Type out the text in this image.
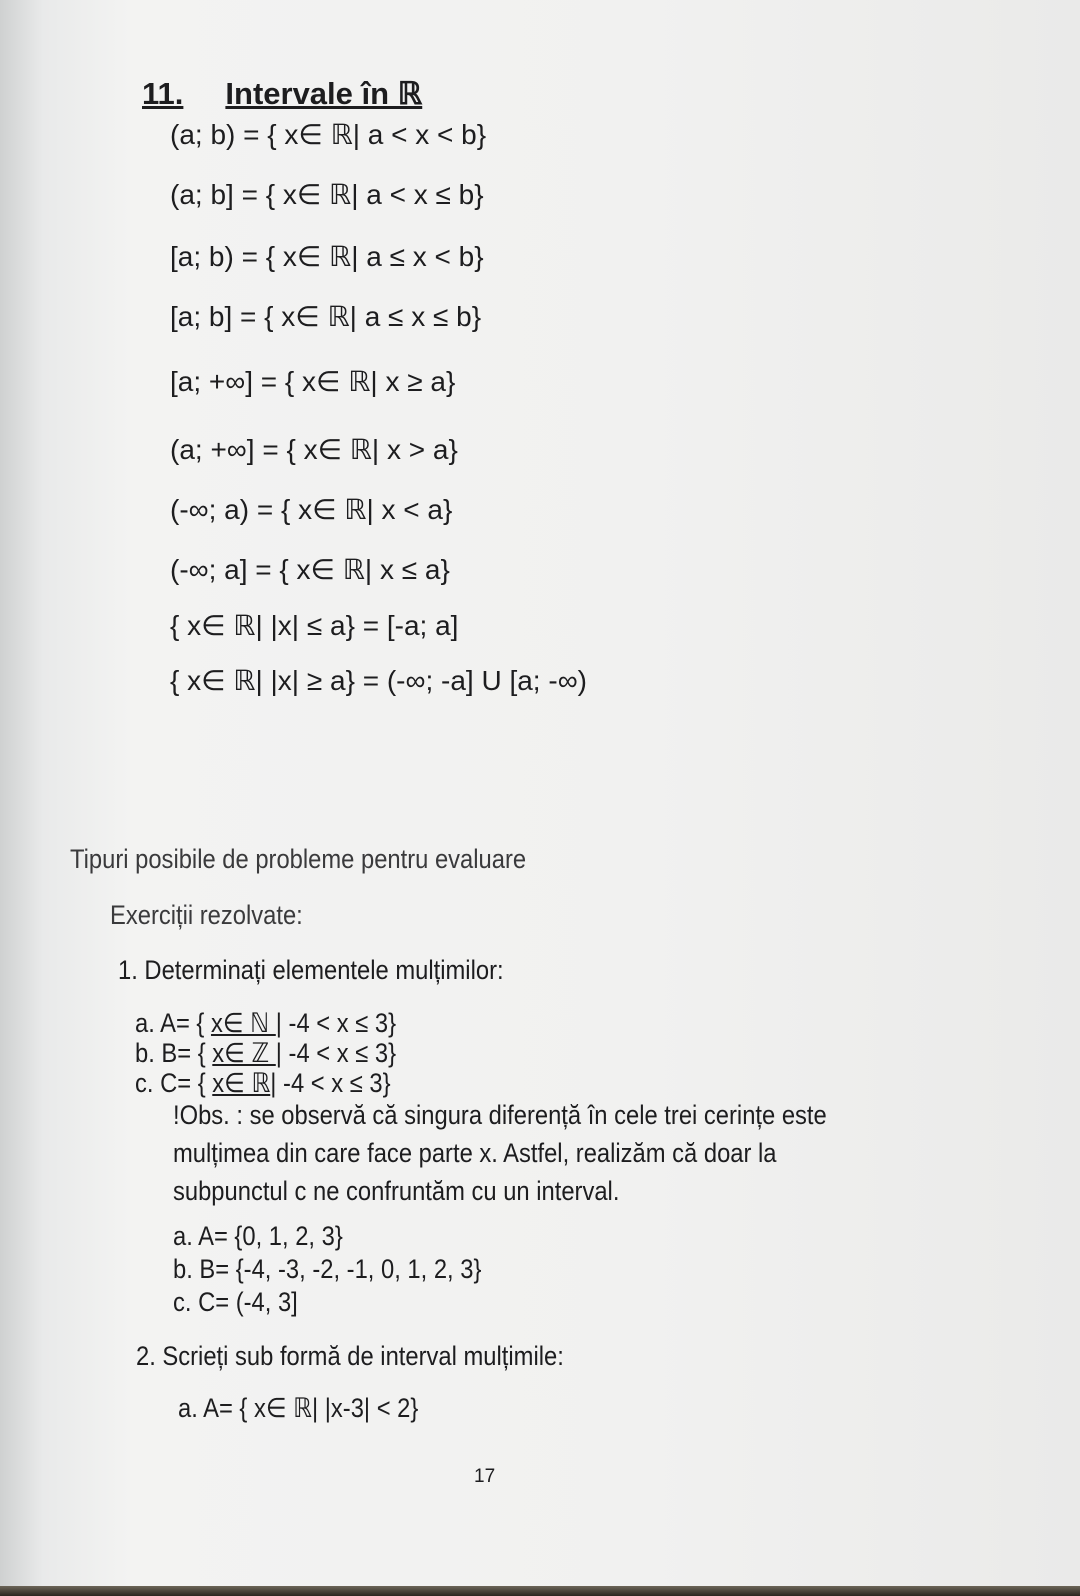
11. Intervale în ℝ
(a; b) = { x∈ ℝ| a < x < b}
(a; b] = { x∈ ℝ| a < x ≤ b}
[a; b) = { x∈ ℝ| a ≤ x < b}
[a; b] = { x∈ ℝ| a ≤ x ≤ b}
[a; +∞] = { x∈ ℝ| x ≥ a}
(a; +∞] = { x∈ ℝ| x > a}
(-∞; a) = { x∈ ℝ| x < a}
(-∞; a] = { x∈ ℝ| x ≤ a}
{ x∈ ℝ| |x| ≤ a} = [-a; a]
{ x∈ ℝ| |x| ≥ a} = (-∞; -a] U [a; -∞)
Tipuri posibile de probleme pentru evaluare
Exerciții rezolvate:
1. Determinați elementele mulțimilor:
a. A= { x∈ ℕ | -4 < x ≤ 3}
b. B= { x∈ ℤ | -4 < x ≤ 3}
c. C= { x∈ ℝ| -4 < x ≤ 3}
!Obs. : se observă că singura diferență în cele trei cerințe este
mulțimea din care face parte x. Astfel, realizăm că doar la
subpunctul c ne confruntăm cu un interval.
a. A= {0, 1, 2, 3}
b. B= {-4, -3, -2, -1, 0, 1, 2, 3}
c. C= (-4, 3]
2. Scrieți sub formă de interval mulțimile:
a. A= { x∈ ℝ| |x-3| < 2}
17
